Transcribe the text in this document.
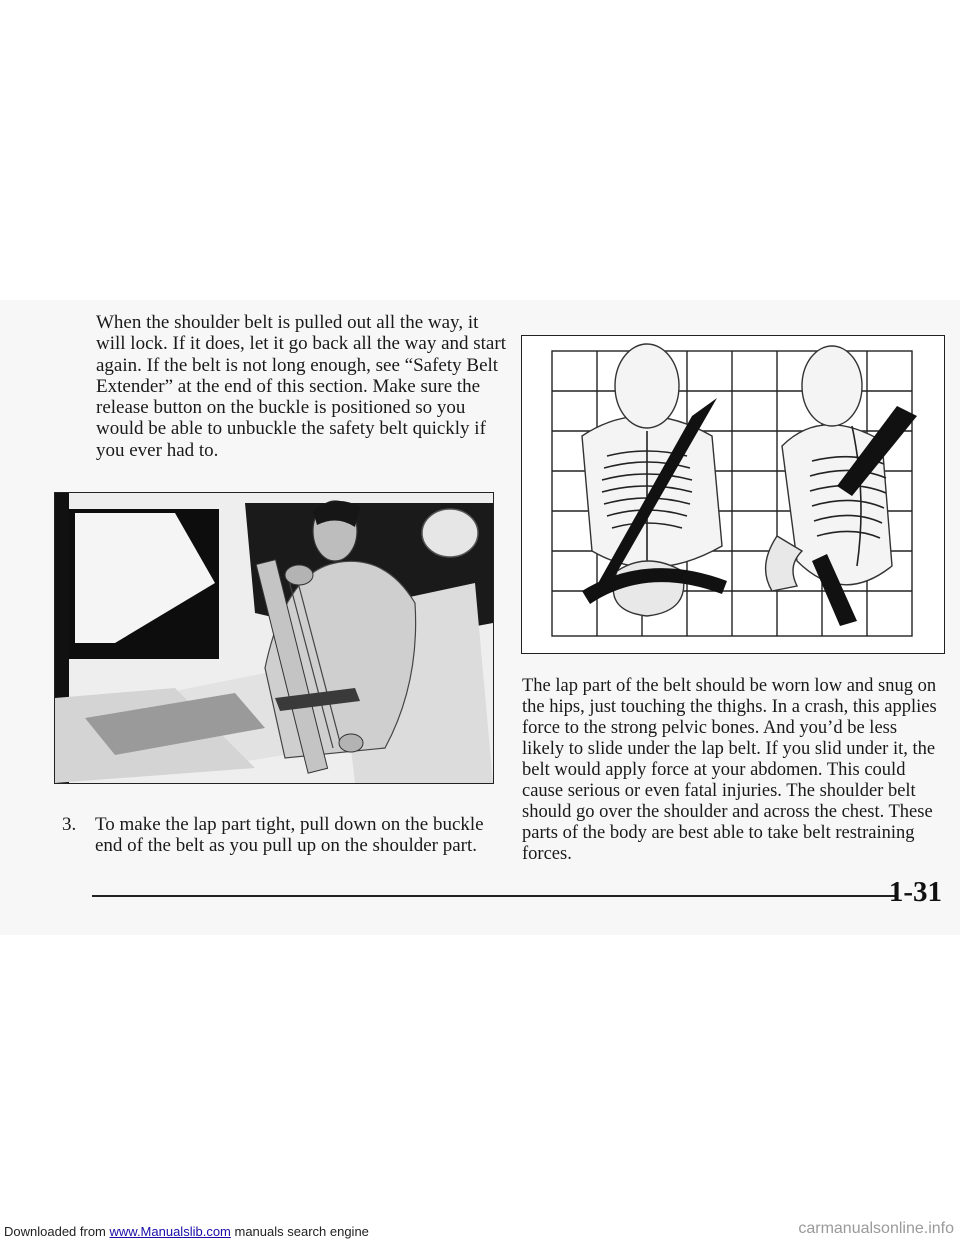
When the shoulder belt is pulled out all the way, it will lock. If it does, let it go back all the way and start again. If the belt is not long enough, see “Safety Belt Extender” at the end of this section. Make sure the release button on the buckle is positioned so you would be able to unbuckle the safety belt quickly if you ever had to.

3. To make the lap part tight, pull down on the buckle end of the belt as you pull up on the shoulder part.

The lap part of the belt should be worn low and snug on the hips, just touching the thighs. In a crash, this applies force to the strong pelvic bones. And you’d be less likely to slide under the lap belt. If you slid under it, the belt would apply force at your abdomen. This could cause serious or even fatal injuries. The shoulder belt should go over the shoulder and across the chest. These parts of the body are best able to take belt restraining forces.

1-31
Downloaded from www.Manualslib.com manuals search engine	carmanualsonline.info
